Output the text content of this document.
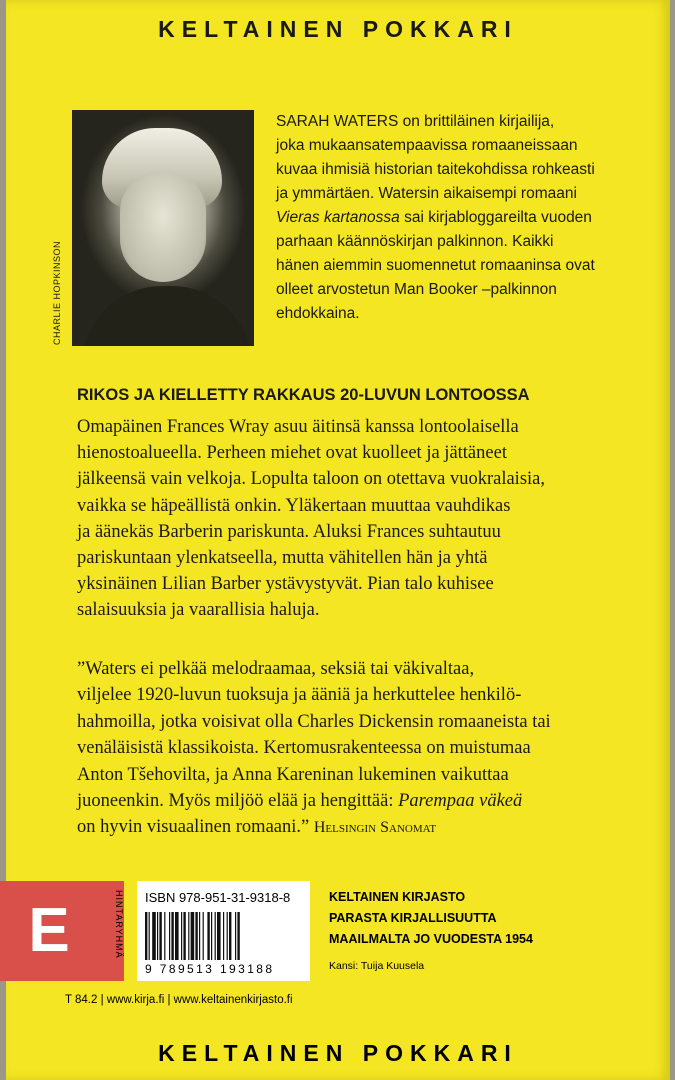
KELTAINEN POKKARI
CHARLIE HOPKINSON
SARAH WATERS on brittiläinen kirjailija,
joka mukaansatempaavissa romaaneissaan
kuvaa ihmisiä historian taitekohdissa rohkeasti
ja ymmärtäen. Watersin aikaisempi romaani
Vieras kartanossa sai kirjabloggareilta vuoden
parhaan käännöskirjan palkinnon. Kaikki
hänen aiemmin suomennetut romaaninsa ovat
olleet arvostetun Man Booker –palkinnon
ehdokkaina.
RIKOS JA KIELLETTY RAKKAUS 20-LUVUN LONTOOSSA
Omapäinen Frances Wray asuu äitinsä kanssa lontoolaisella
hienostoalueella. Perheen miehet ovat kuolleet ja jättäneet
jälkeensä vain velkoja. Lopulta taloon on otettava vuokralaisia,
vaikka se häpeällistä onkin. Yläkertaan muuttaa vauhdikas
ja äänekäs Barberin pariskunta. Aluksi Frances suhtautuu
pariskuntaan ylenkatseella, mutta vähitellen hän ja yhtä
yksinäinen Lilian Barber ystävystyvät. Pian talo kuhisee
salaisuuksia ja vaarallisia haluja.
”Waters ei pelkää melodraamaa, seksiä tai väkivaltaa,
viljelee 1920-luvun tuoksuja ja ääniä ja herkuttelee henkilö-
hahmoilla, jotka voisivat olla Charles Dickensin romaaneista tai
venäläisistä klassikoista. Kertomusrakenteessa on muistumaa
Anton Tšehovilta, ja Anna Kareninan lukeminen vaikuttaa
juoneenkin. Myös miljöö elää ja hengittää: Parempaa väkeä
on hyvin visuaalinen romaani.” Helsingin Sanomat
E	HINTARYHMÄ ISBN 978-951-31-9318-8
9 789513 193188
KELTAINEN KIRJASTO
PARASTA KIRJALLISUUTTA
MAAILMALTA JO VUODESTA 1954
Kansi: Tuija Kuusela
T 84.2 | www.kirja.fi | www.keltainenkirjasto.fi
KELTAINEN POKKARI
